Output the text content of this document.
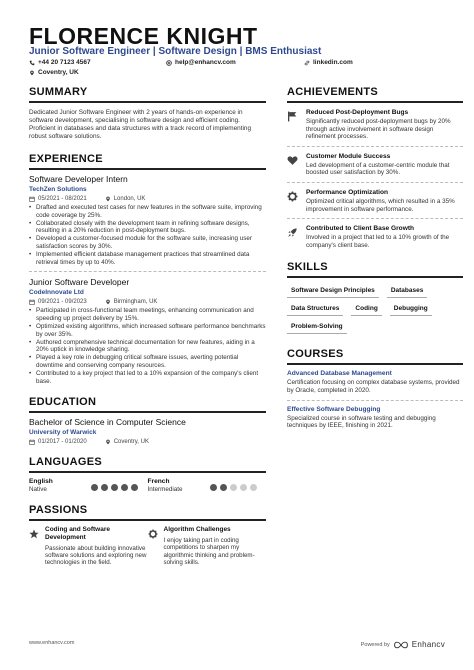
FLORENCE KNIGHT
Junior Software Engineer | Software Design | BMS Enthusiast
+44 20 7123 4567	help@enhancv.com	linkedin.com
Coventry, UK
SUMMARY
Dedicated Junior Software Engineer with 2 years of hands-on experience in software development, specialising in software design and efficient coding. Proficient in databases and data structures with a track record of implementing robust software solutions.
EXPERIENCE
Software Developer Intern
TechZen Solutions
05/2021 - 08/2021	London, UK
• Drafted and executed test cases for new features in the software suite, improving code coverage by 25%.
• Collaborated closely with the development team in refining software designs, resulting in a 20% reduction in post-deployment bugs.
• Developed a customer-focused module for the software suite, increasing user satisfaction scores by 30%.
• Implemented efficient database management practices that streamlined data retrieval times by up to 40%.
Junior Software Developer
CodeInnovate Ltd
09/2021 - 09/2023	Birmingham, UK
• Participated in cross-functional team meetings, enhancing communication and speeding up project delivery by 15%.
• Optimized existing algorithms, which increased software performance benchmarks by over 35%.
• Authored comprehensive technical documentation for new features, aiding in a 20% uptick in knowledge sharing.
• Played a key role in debugging critical software issues, averting potential downtime and conserving company resources.
• Contributed to a key project that led to a 10% expansion of the company's client base.
EDUCATION
Bachelor of Science in Computer Science
University of Warwick
01/2017 - 01/2020	Coventry, UK
LANGUAGES
English
Native
French
Intermediate
PASSIONS
Coding and Software Development
Passionate about building innovative software solutions and exploring new technologies in the field.
Algorithm Challenges
I enjoy taking part in coding competitions to sharpen my algorithmic thinking and problem-solving skills.
ACHIEVEMENTS
Reduced Post-Deployment Bugs
Significantly reduced post-deployment bugs by 20% through active involvement in software design refinement processes.
Customer Module Success
Led development of a customer-centric module that boosted user satisfaction by 30%.
Performance Optimization
Optimized critical algorithms, which resulted in a 35% improvement in software performance.
Contributed to Client Base Growth
Involved in a project that led to a 10% growth of the company's client base.
SKILLS
Software Design Principles	Databases
Data Structures	Coding	Debugging
Problem-Solving
COURSES
Advanced Database Management
Certification focusing on complex database systems, provided by Oracle, completed in 2020.
Effective Software Debugging
Specialized course in software testing and debugging techniques by IEEE, finishing in 2021.
www.enhancv.com	Powered by	Enhancv
